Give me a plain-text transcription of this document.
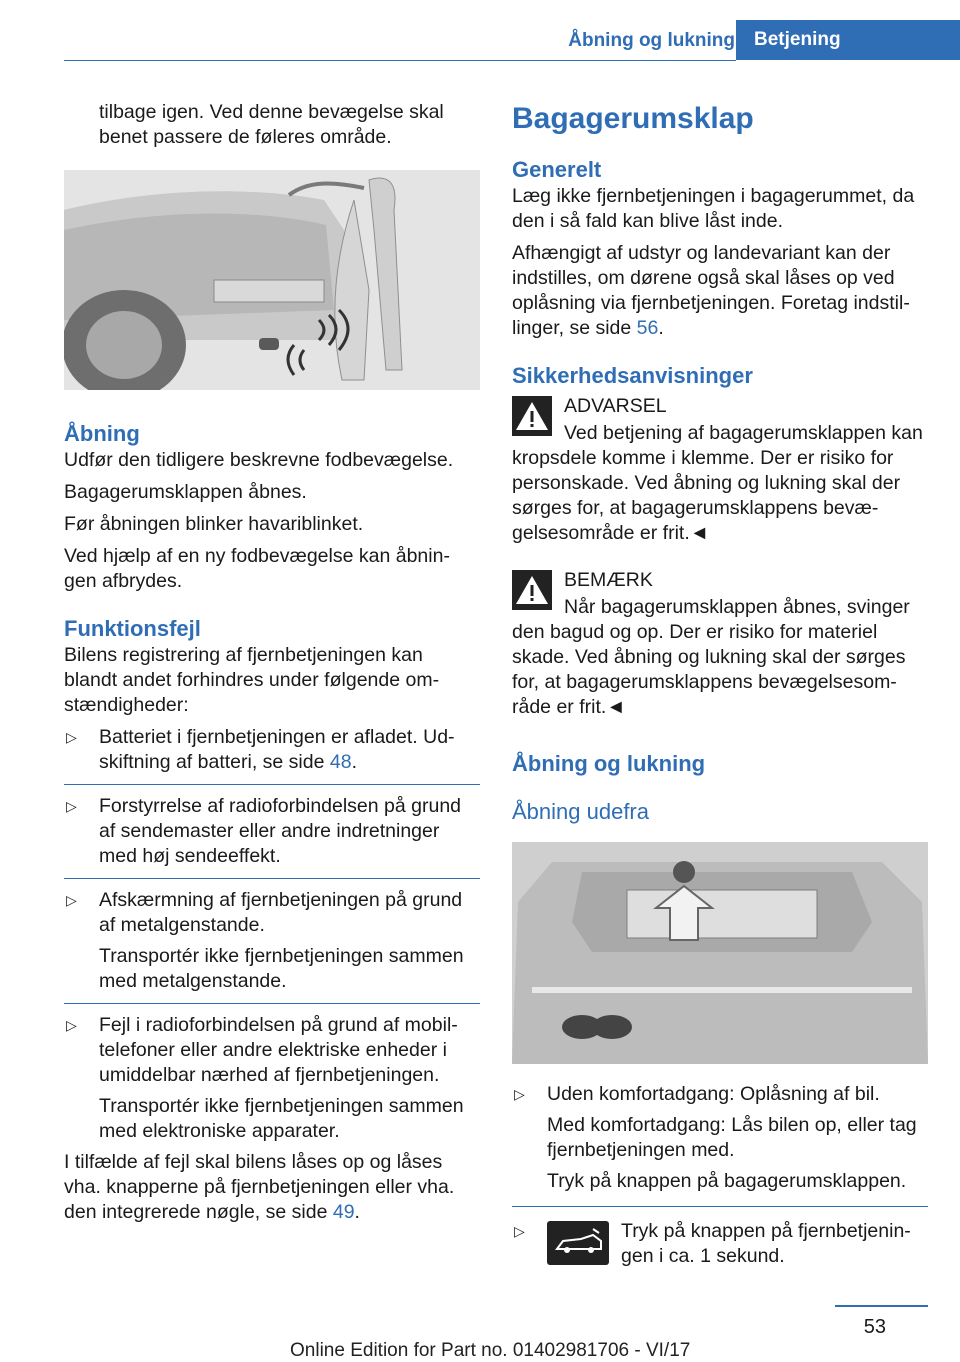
Åbning og lukning	Betjening

tilbage igen. Ved denne bevægelse skal benet passere de føleres område.

Åbning

Udfør den tidligere beskrevne fodbevægelse.

Bagagerumsklappen åbnes.

Før åbningen blinker havariblinket.

Ved hjælp af en ny fodbevægelse kan åbnin-gen afbrydes.

Funktionsfejl

Bilens registrering af fjernbetjeningen kan blandt andet forhindres under følgende om-stændigheder:

▷ Batteriet i fjernbetjeningen er afladet. Ud-skiftning af batteri, se side 48.
▷ Forstyrrelse af radioforbindelsen på grund af sendemaster eller andre indretninger med høj sendeeffekt.
▷ Afskærmning af fjernbetjeningen på grund af metalgenstande.

Transportér ikke fjernbetjeningen sammen med metalgenstande.

▷ Fejl i radioforbindelsen på grund af mobil-telefoner eller andre elektriske enheder i umiddelbar nærhed af fjernbetjeningen.

Transportér ikke fjernbetjeningen sammen med elektroniske apparater.

I tilfælde af fejl skal bilens låses op og låses vha. knapperne på fjernbetjeningen eller vha. den integrerede nøgle, se side 49.

Bagagerumsklap
Generelt

Læg ikke fjernbetjeningen i bagagerummet, da den i så fald kan blive låst inde.

Afhængigt af udstyr og landevariant kan der indstilles, om dørene også skal låses op ved oplåsning via fjernbetjeningen. Foretag indstil-linger, se side 56.

Sikkerhedsanvisninger

ADVARSEL

Ved betjening af bagagerumsklappen kan kropsdele komme i klemme. Der er risiko for personskade. Ved åbning og lukning skal der sørges for, at bagagerumsklappens bevæ-gelsesområde er frit.◄

BEMÆRK

Når bagagerumsklappen åbnes, svinger den bagud og op. Der er risiko for materiel skade. Ved åbning og lukning skal der sørges for, at bagagerumsklappens bevægelsesom-råde er frit.◄

Åbning og lukning
Åbning udefra
▷ Uden komfortadgang: Oplåsning af bil.

Med komfortadgang: Lås bilen op, eller tag fjernbetjeningen med.

Tryk på knappen på bagagerumsklappen.

▷	Tryk på knappen på fjernbetjenin-gen i ca. 1 sekund.
53
Online Edition for Part no. 01402981706 - VI/17
